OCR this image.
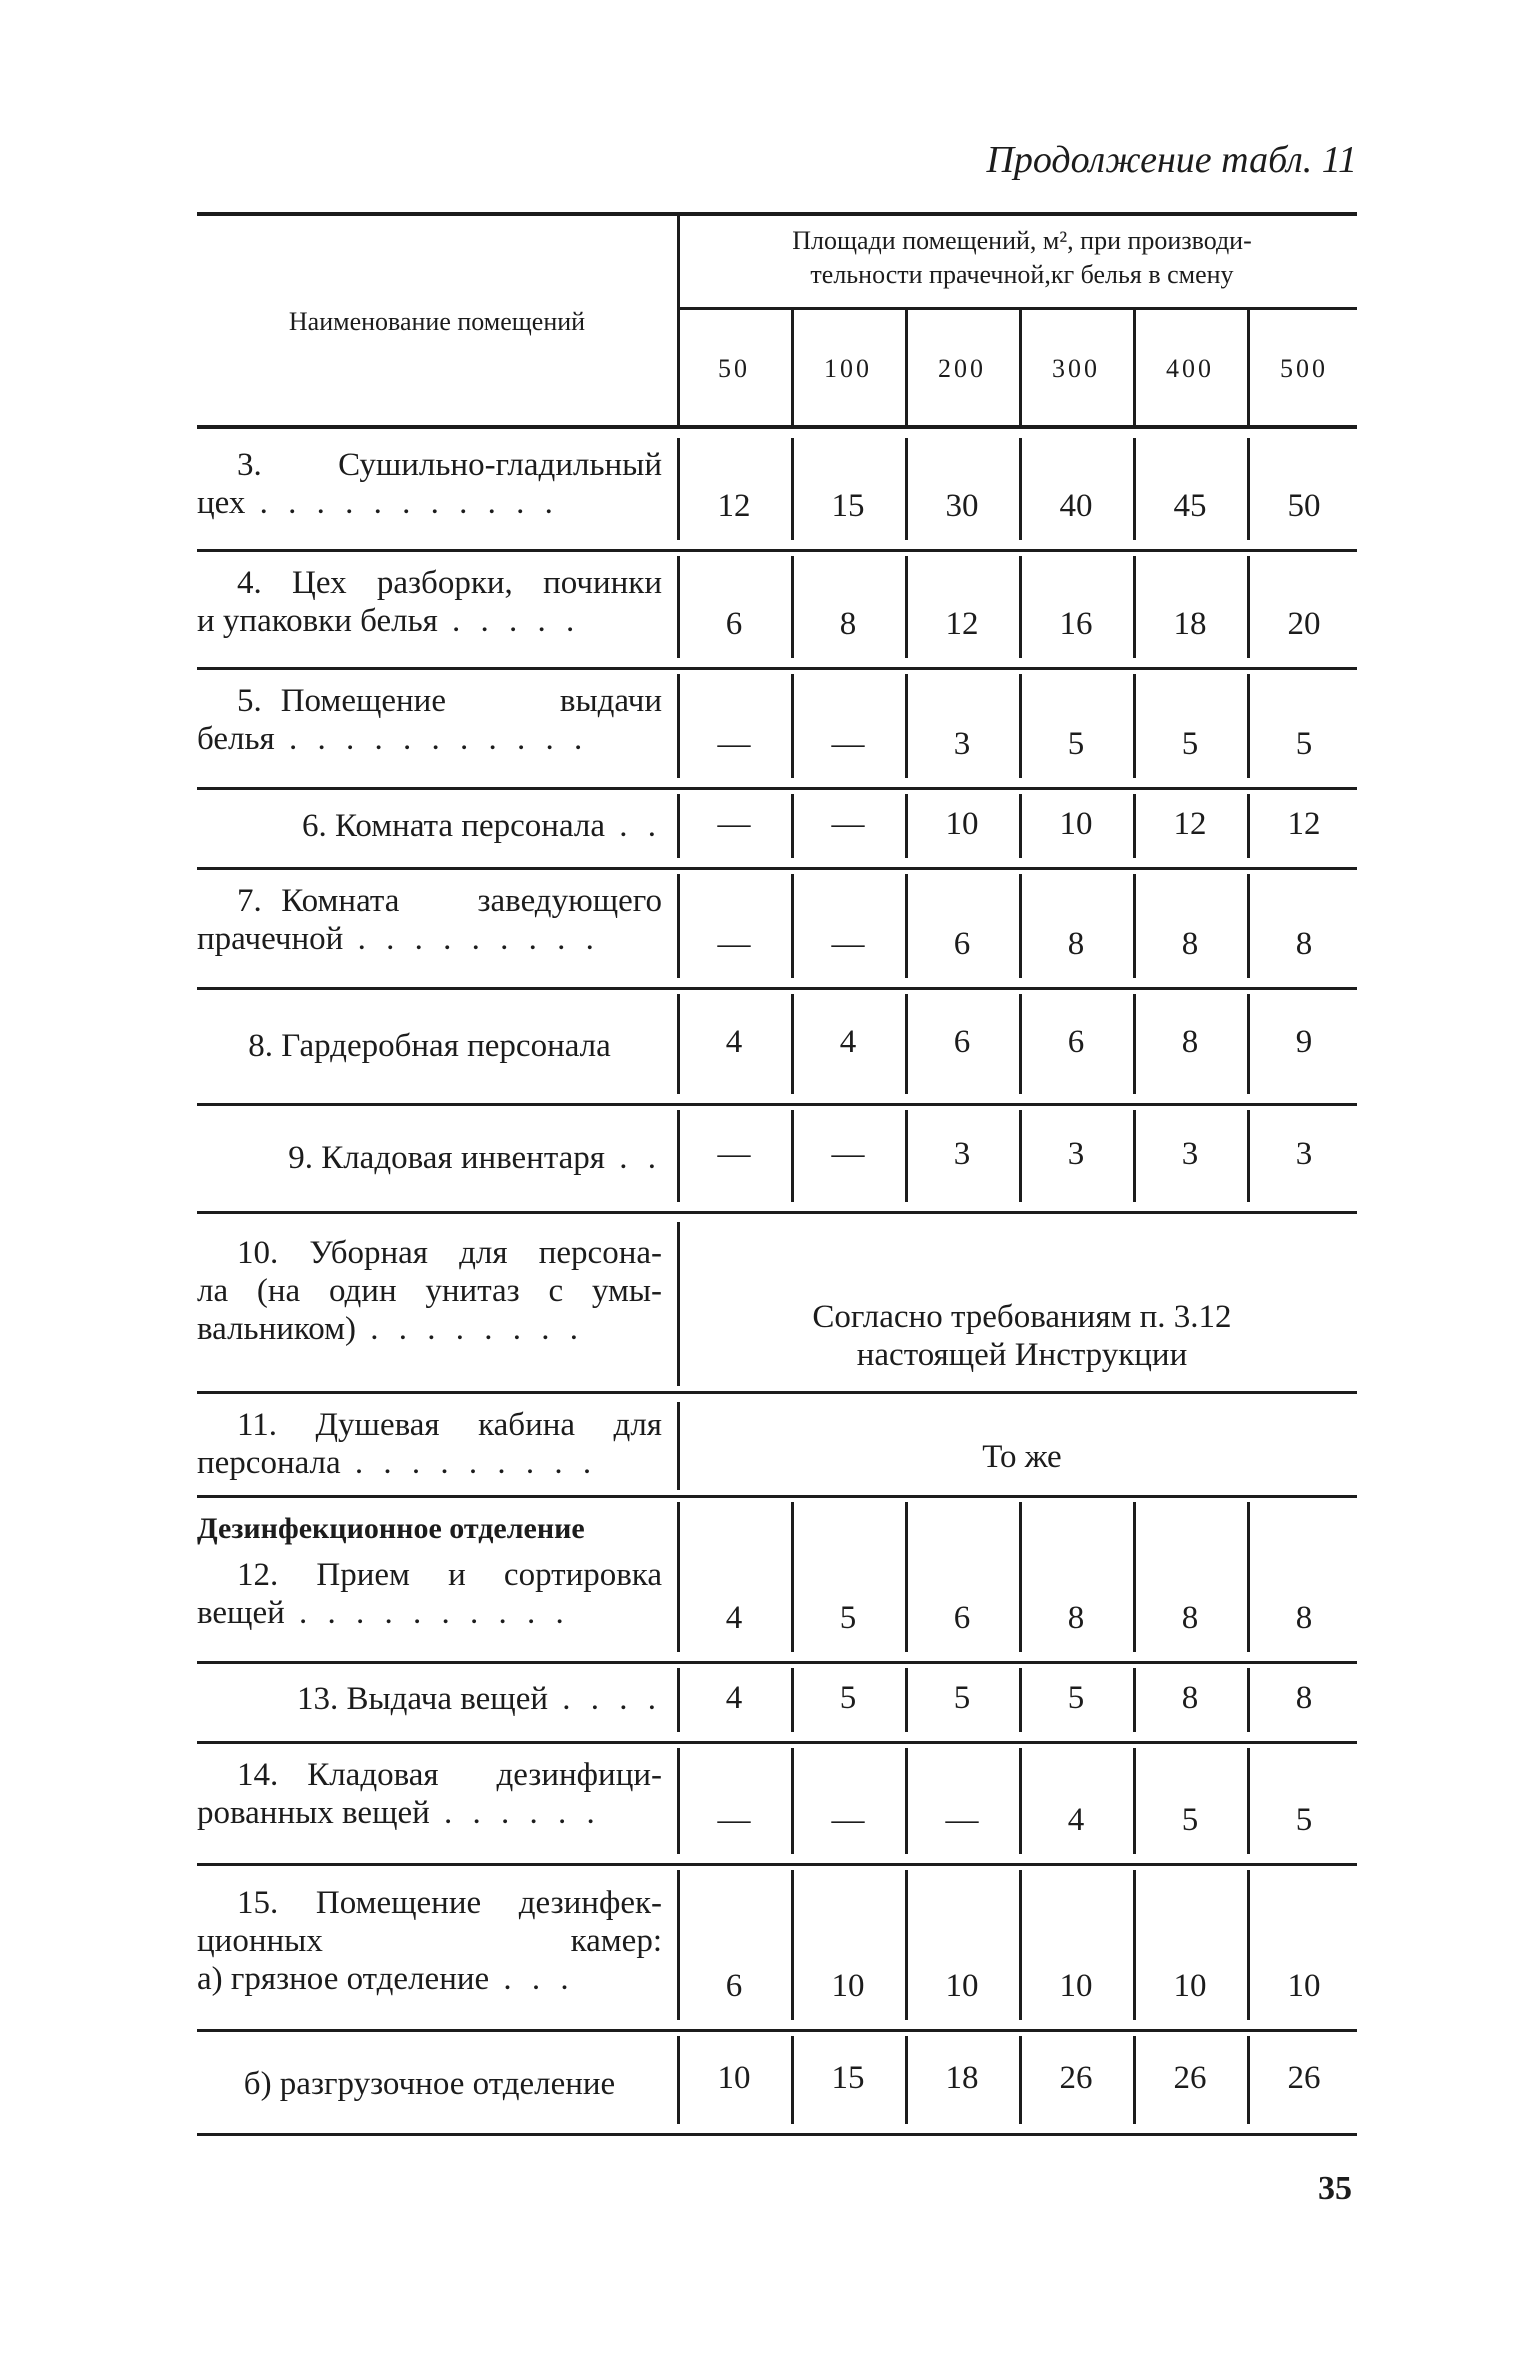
Продолжение табл. 11
Наименование помещений
Площади помещений, м², при производи-
тельности прачечной,кг белья в смену
50	100	200	300	400	500
3. Сушильно-гладильный
цех . . . . . . . . . . .	12	15	30	40	45	50
4. Цех разборки, починки
и упаковки белья . . . . .	6	8	12	16	18	20
5. Помещение      выдачи
белья . . . . . . . . . . .	—	—	3	5	5	5
6. Комната персонала . .	—	—	10	10	12	12
7. Комната    заведующего
прачечной . . . . . . . . .	—	—	6	8	8	8
8. Гардеробная персонала	4	4	6	6	8	9
9. Кладовая инвентаря . .	—	—	3	3	3	3
10. Уборная для персона-
ла (на один унитаз с умы-
вальником) . . . . . . . .	Согласно требованиям п. 3.12
настоящей Инструкции
11. Душевая кабина для
персонала . . . . . . . . .	То же
Дезинфекционное отделение
12. Прием и сортировка
вещей . . . . . . . . . .	4	5	6	8	8	8
13. Выдача вещей . . . .	4	5	5	5	8	8
14. Кладовая  дезинфици-
рованных вещей . . . . . .	—	—	—	4	5	5
15. Помещение дезинфек-
ционных камер:
а) грязное отделение . . .	6	10	10	10	10	10
б) разгрузочное отделение	10	15	18	26	26	26
35
